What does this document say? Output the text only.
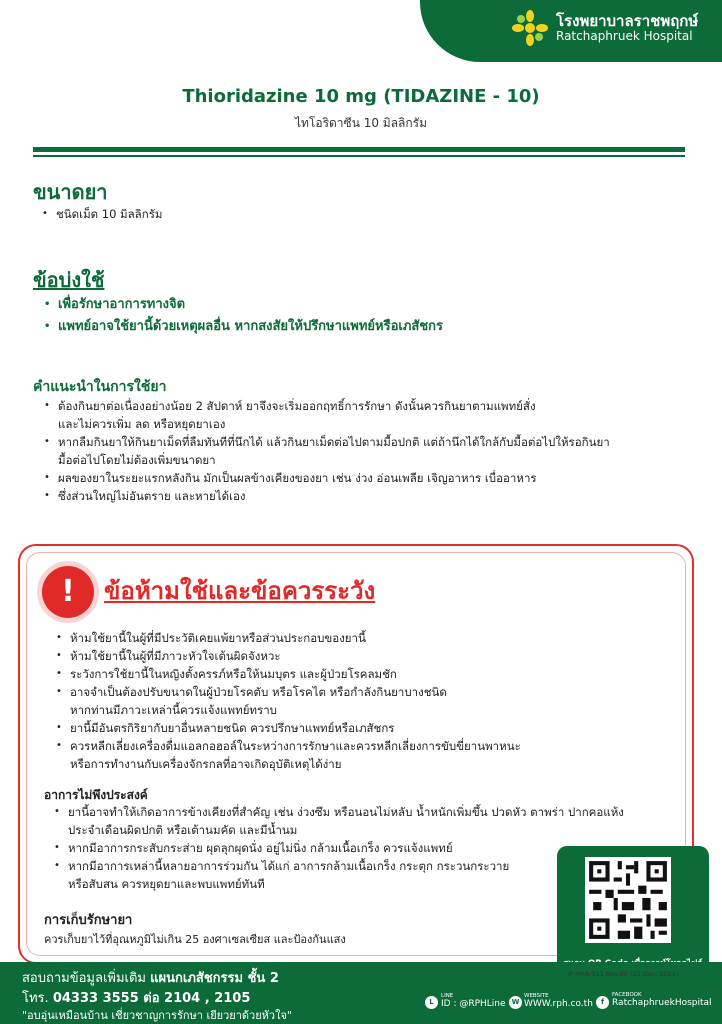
โรงพยาบาลราชพฤกษ์
Ratchaphruek Hospital
Thioridazine 10 mg (TIDAZINE - 10)
ไทโอริดาซีน 10 มิลลิกรัม
ขนาดยา
• ชนิดเม็ด 10 มิลลิกรัม
ข้อบ่งใช้
• เพื่อรักษาอาการทางจิต
• แพทย์อาจใช้ยานี้ด้วยเหตุผลอื่น หากสงสัยให้ปรึกษาแพทย์หรือเภสัชกร
คำแนะนำในการใช้ยา
• ต้องกินยาต่อเนื่องอย่างน้อย 2 สัปดาห์ ยาจึงจะเริ่มออกฤทธิ์การรักษา ดังนั้นควรกินยาตามแพทย์สั่ง
และไม่ควรเพิ่ม ลด หรือหยุดยาเอง
• หากลืมกินยาให้กินยาเม็ดที่ลืมทันทีที่นึกได้ แล้วกินยาเม็ดต่อไปตามมื้อปกติ แต่ถ้านึกได้ใกล้กับมื้อต่อไปให้รอกินยา
มื้อต่อไปโดยไม่ต้องเพิ่มขนาดยา
• ผลของยาในระยะแรกหลังกิน มักเป็นผลข้างเคียงของยา เช่น ง่วง อ่อนเพลีย เจิญอาหาร เบื่ออาหาร
• ซึ่งส่วนใหญ่ไม่อันตราย และหายได้เอง
!	ข้อห้ามใช้และข้อควรระวัง
• ห้ามใช้ยานี้ในผู้ที่มีประวัติเคยแพ้ยาหรือส่วนประกอบของยานี้
• ห้ามใช้ยานี้ในผู้ที่มีภาวะหัวใจเต้นผิดจังหวะ
• ระวังการใช้ยานี้ในหญิงตั้งครรภ์หรือให้นมบุตร และผู้ป่วยโรคลมชัก
• อาจจำเป็นต้องปรับขนาดในผู้ป่วยโรคตับ หรือโรคไต หรือกำลังกินยาบางชนิด
หากท่านมีภาวะเหล่านี้ควรแจ้งแพทย์ทราบ
• ยานี้มีอันตรกิริยากับยาอื่นหลายชนิด ควรปรึกษาแพทย์หรือเภสัชกร
• ควรหลีกเลี่ยงเครื่องดื่มแอลกอฮอล์ในระหว่างการรักษาและควรหลีกเลี่ยงการขับขี่ยานพาหนะ
หรือการทำงานกับเครื่องจักรกลที่อาจเกิดอุบัติเหตุได้ง่าย
อาการไม่พึงประสงค์
• ยานี้อาจทำให้เกิดอาการข้างเคียงที่สำคัญ เช่น ง่วงซึม หรือนอนไม่หลับ น้ำหนักเพิ่มขึ้น ปวดหัว ตาพร่า ปากคอแห้ง
ประจำเดือนผิดปกติ หรือเต้านมคัด และมีน้ำนม
• หากมีอาการกระสับกระส่าย ผุดลุกผุดนั่ง อยู่ไม่นิ่ง กล้ามเนื้อเกร็ง ควรแจ้งแพทย์
• หากมีอาการเหล่านี้หลายอาการร่วมกัน ได้แก่ อาการกล้ามเนื้อเกร็ง กระตุก กระวนกระวาย
หรือสับสน ควรหยุดยาและพบแพทย์ทันที
การเก็บรักษายา
ควรเก็บยาไว้ที่อุณหภูมิไม่เกิน 25 องศาเซลเซียส และป้องกันแสง
IF-PHA-511 Rev.00 (22 Dec. 2025)
สอบถามข้อมูลเพิ่มเติม แผนกเภสัชกรรม ชั้น 2
โทร. 04333 3555 ต่อ 2104 , 2105
"อบอุ่นเหมือนบ้าน เชี่ยวชาญการรักษา เยียวยาด้วยหัวใจ"
L
LINE
ID : @RPHLine W
WEBSITE
WWW.rph.co.th	f
FACEBOOK
RatchaphruekHospital
